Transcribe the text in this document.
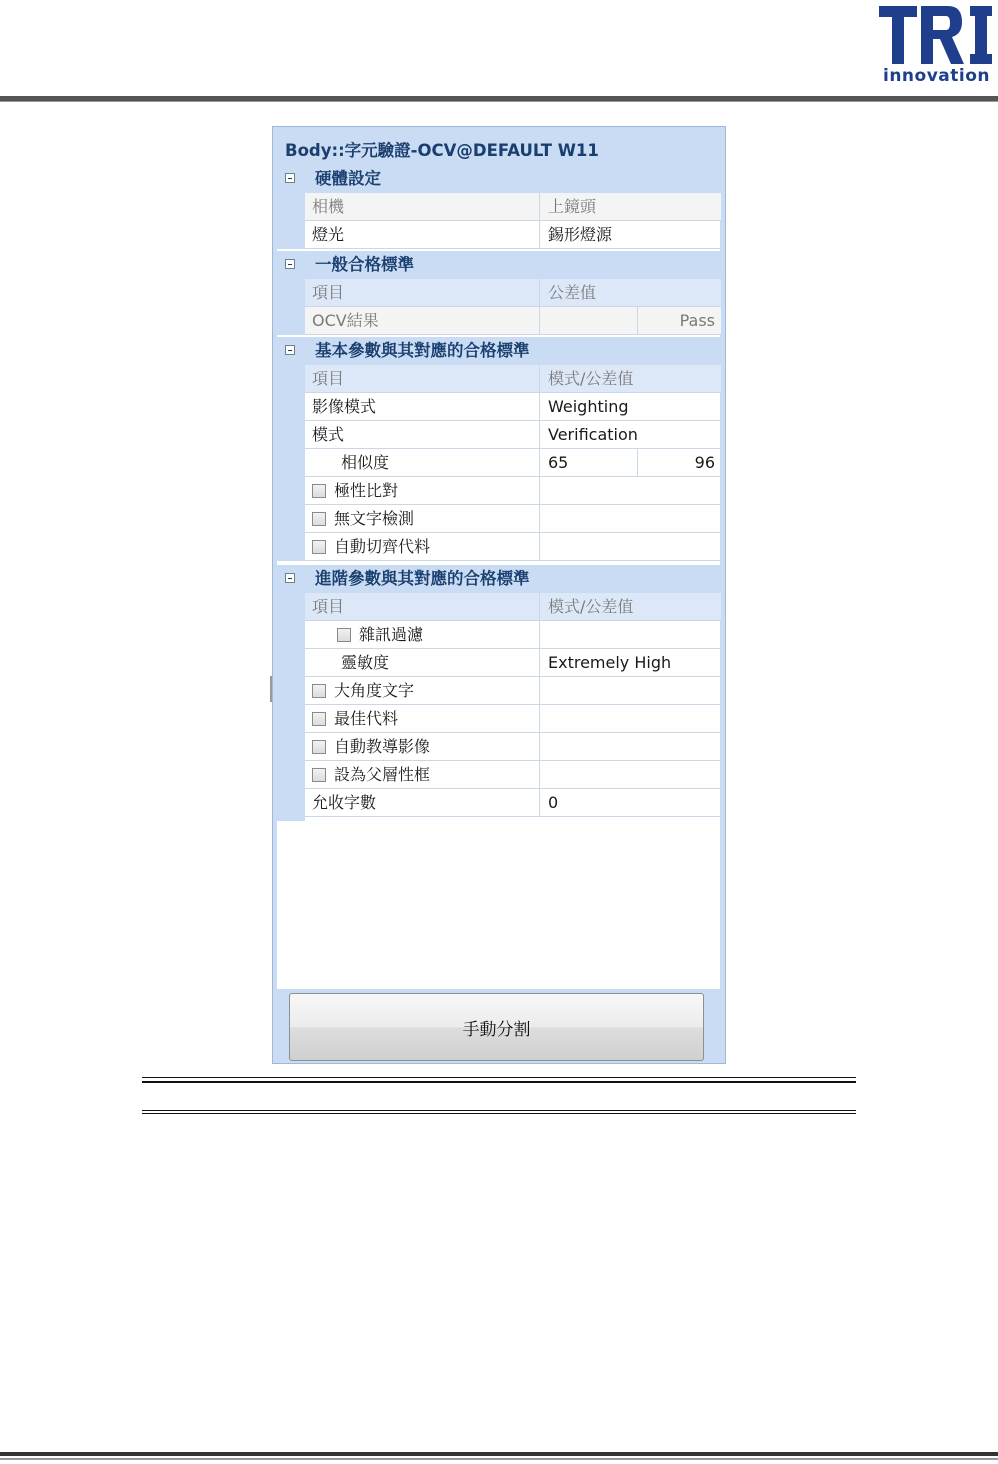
innovation
Body::字元驗證-OCV@DEFAULT W11
硬體設定
相機	上鏡頭
燈光	錫形燈源
一般合格標準
項目	公差值
OCV結果	Pass
基本參數與其對應的合格標準
項目	模式/公差值
影像模式	Weighting
模式	Verification
相似度	65	96
極性比對
無文字檢測
自動切齊代料
進階參數與其對應的合格標準
項目	模式/公差值
雜訊過濾
靈敏度	Extremely High
大角度文字
最佳代料
自動教導影像
設為父層性框
允收字數	0
手動分割
